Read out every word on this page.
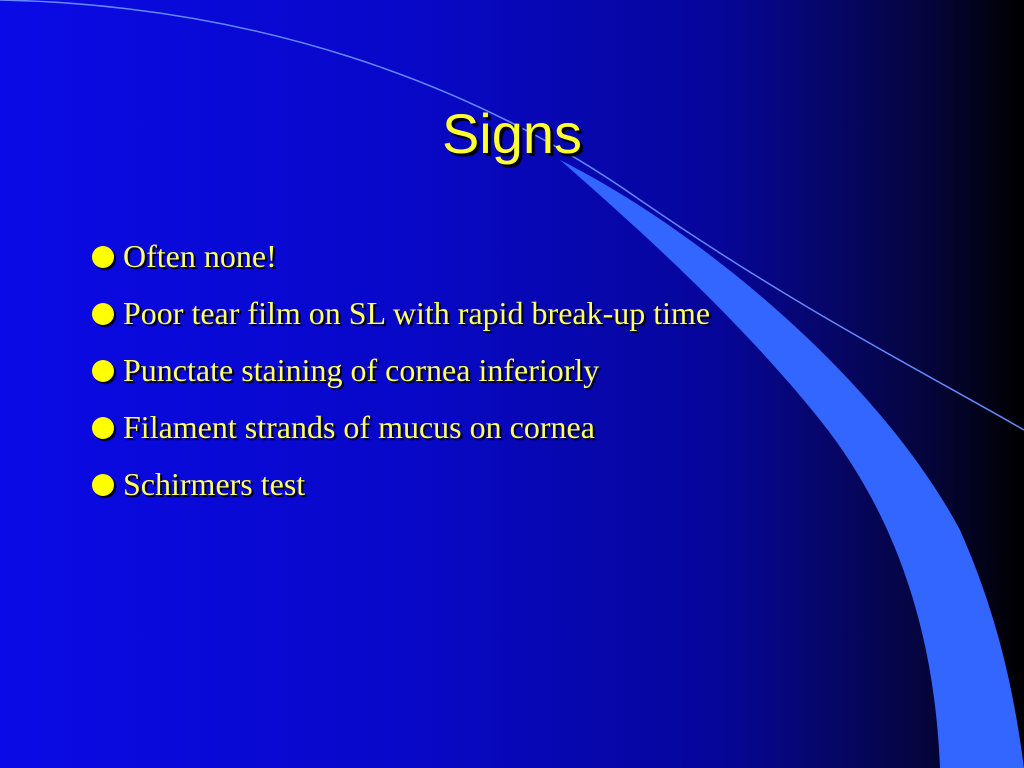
Signs
Often none!
Poor tear film on SL with rapid break-up time
Punctate staining of cornea inferiorly
Filament strands of mucus on cornea
Schirmers test
